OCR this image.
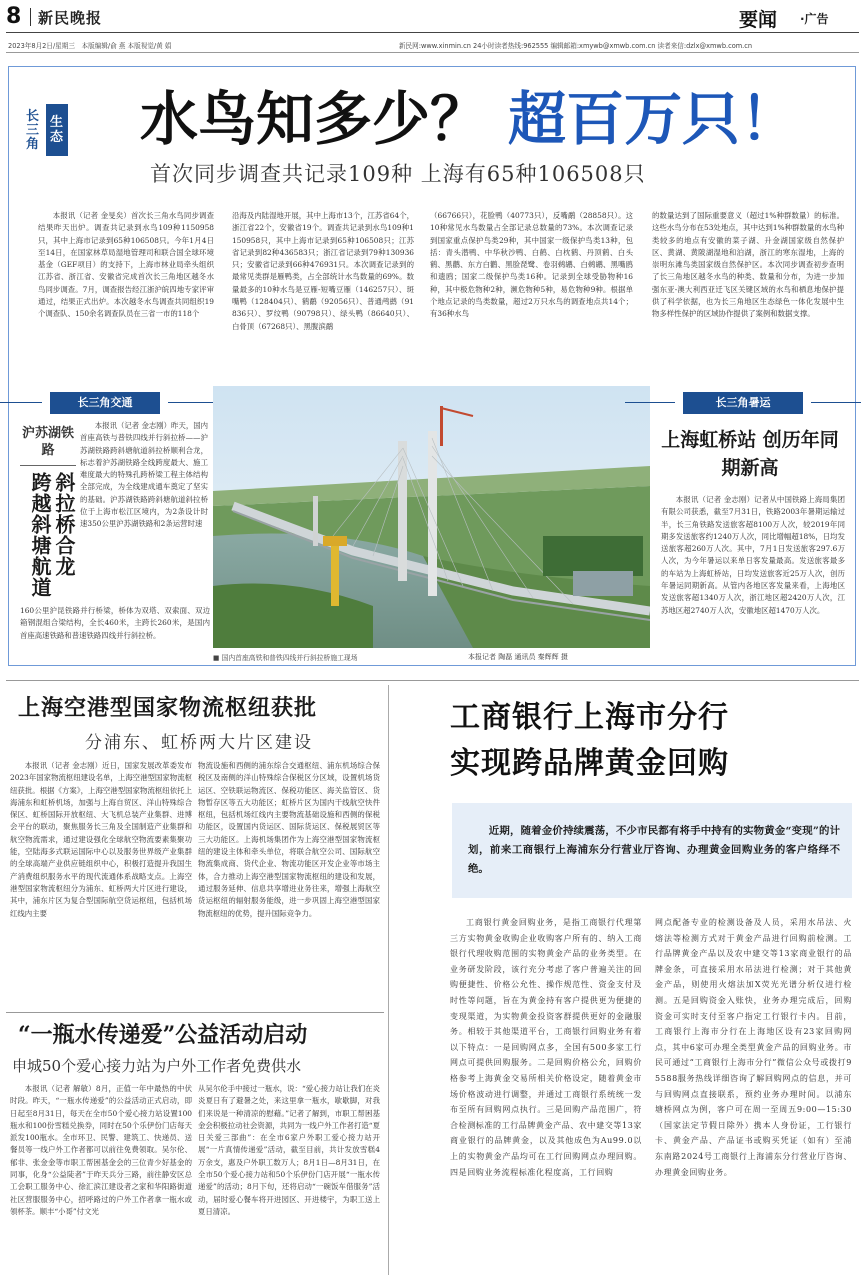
8 新民晚报	要闻 ·广告
2023年8月2日/星期三　本版编辑/俞 燕 本版视觉/黄 娟	新民网:www.xinmin.cn 24小时读者热线:962555 编辑邮箱:xmywb@xmwb.com.cn 读者来信:dzlx@xmwb.com.cn
长三角
生态 水鸟知多少？ 超百万只！
首次同步调查共记录109种 上海有65种106508只
本报讯（记者 金旻矣）首次长三角水鸟同步调查结果昨天出炉。调查共记录到水鸟109种1150958只，其中上海市记录到65种106508只。今年1月4日至14日，在国家林草局湿地管理司和联合国全球环境基金（GEF项目）的支持下，上海市林业局牵头组织江苏省、浙江省、安徽省完成首次长三角地区越冬水鸟同步调查。7月，调查报告经江浙沪皖四地专家评审通过，结果正式出炉。本次越冬水鸟调查共同组织19个调查队、150余名调查队员在三省一市的118个
沿海及内陆湿地开展，其中上海市13个，江苏省64个，浙江省22个，安徽省19个。调查共记录到水鸟109种1150958只，其中上海市记录到65种106508只；江苏省记录到82种436583只；浙江省记录到79种130936只；安徽省记录到66种476931只。本次调查记录到的最常见类群是雁鸭类，占全部统计水鸟数量的69%。数量最多的10种水鸟是豆雁-短嘴豆雁（146257只）、斑嘴鸭（128404只）、鹤鹬（92056只）、普通鸬鹚（91836只）、罗纹鸭（90798只）、绿头鸭（86640只）、白骨顶（67268只）、黑腹滨鹬
（66766只），花脸鸭（40773只），反嘴鹬（28858只）。这10种常见水鸟数量占全部记录总数量的73%。本次调查记录到国家重点保护鸟类29种，其中国家一级保护鸟类13种，包括：青头潜鸭、中华秋沙鸭、白鹤、白枕鹤、丹顶鹤、白头鹤、黑鹳、东方白鹳、黑脸琵鹭、卷羽鹈鹕、白鹈鹕、黑嘴鸥和遗鸥；国家二级保护鸟类16种。记录到全球受胁物种16种，其中极危物种2种，濒危物种5种，易危物种9种。根据单个地点记录的鸟类数量，超过2万只水鸟的调查地点共14个；有36种水鸟
的数量达到了国际重要意义（超过1%种群数量）的标准。这些水鸟分布在53处地点，其中达到1%种群数量的水鸟种类较多的地点有安徽的菜子湖、升金湖国家级自然保护区、黄湖、黄陂湖湿地和泊湖，浙江的寒东湿地，上海的崇明东滩鸟类国家级自然保护区。本次同步调查初步查明了长三角地区越冬水鸟的种类、数量和分布，为进一步加强东亚-澳大利西亚迁飞区关键区域的水鸟和栖息地保护提供了科学依据，也为长三角地区生态绿色一体化发展中生物多样性保护的区域协作提供了案例和数据支撑。
长三角交通
沪苏湖铁路
斜拉桥合龙 跨越斜塘航道
本报讯（记者 金志刚）昨天，国内首座高铁与普铁四线并行斜拉桥——沪苏湖铁路跨斜塘航道斜拉桥顺利合龙，标志着沪苏湖铁路全线跨度最大、施工难度最大的特殊孔跨桥梁工程主体结构全部完成，为全线建成通车奠定了坚实的基础。沪苏湖铁路跨斜塘航道斜拉桥位于上海市松江区境内，为2条设计时速350公里沪苏湖铁路和2条运营时速
160公里沪昆铁路并行桥梁，桥体为双塔、双索面、双边箱钢混组合梁结构，全长460米，主跨长260米，是国内首座高速铁路和普速铁路四线并行斜拉桥。
■ 国内首座高铁和普铁四线并行斜拉桥施工现场	本报记者 陶磊 通讯员 秦辉辉 摄
长三角暑运
上海虹桥站 创历年同期新高
本报讯（记者 金志刚）记者从中国铁路上海局集团有限公司获悉，截至7月31日，铁路2003年暑期运输过半，长三角铁路发送旅客超8100万人次，较2019年同期多发送旅客约1240万人次，同比增幅超18%，日均发送旅客超260万人次。其中，7月1日发送旅客297.6万人次，为今年暑运以来单日客发量最高。发送旅客最多的车站为上海虹桥站，日均发送旅客近25万人次，创历年暑运同期新高。从管内各地区客发量来看，上海地区发送旅客超1340万人次，浙江地区超2420万人次，江苏地区超2740万人次，安徽地区超1470万人次。
上海空港型国家物流枢纽获批
分浦东、虹桥两大片区建设
本报讯（记者 金志刚）近日，国家发展改革委发布2023年国家物流枢纽建设名单，上海空港型国家物流枢纽获批。根据《方案》，上海空港型国家物流枢纽依托上海浦东和虹桥机场，加强与上海自贸区、洋山特殊综合保区、虹桥国际开放枢纽、大飞机总装产业集群、进博会平台的联动，聚焦服务长三角及全国制造产业集群和航空物流需求，通过建设强化全球航空物流要素集聚功能，空陆海多式联运国际中心以及服务世界级产业集群的全球高端产业供应链组织中心，积极打造提升我国生产消费组织服务水平的现代流通体系战略支点。上海空港型国家物流枢纽分为浦东、虹桥两大片区进行建设，其中，浦东片区为复合型国际航空货运枢纽，包括机场红线内主要
物流设施和西侧的浦东综合交通枢纽、浦东机场综合保税区及南侧的洋山特殊综合保税区分区域，设置机场货运区、空铁联运物流区、保税功能区、海关监管区、货物暂存区等五大功能区；虹桥片区为国内干线航空快件枢纽，包括机场红线内主要物流基础设施和西侧的保税功能区，设置国内货运区、国际货运区、保税展贸区等三大功能区。上海机场集团作为上海空港型国家物流枢纽的建设主体和牵头单位，将联合航空公司、国际航空物流集成商、货代企业、物流功能区开发企业等市场主体，合力推动上海空港型国家物流枢纽的建设和发展，通过服务延伸、信息共享增进业务往来，增强上海航空货运枢纽的辐射服务能级，进一步巩固上海空港型国家物流枢纽的优势，提升国际竞争力。
“一瓶水传递爱”公益活动启动
申城50个爱心接力站为户外工作者免费供水
本报讯（记者 解敏）8月，正值一年中最热的中伏时段。昨天，“一瓶水传递爱”的公益活动正式启动，即日起至8月31日，每天在全市50个爱心接力站设置100瓶水和100份雪糕兑换券，同时在50个乐伊份门店每天派发100瓶水。全市环卫、民警、建筑工、快递员、送餐员等一线户外工作者都可以前往免费领取。吴尔伦、郁非、张金金等市职工帮困基金会的三位青少好基金的同事，化身“公益陡者”于昨天兵分三路，前往静安区总工会职工服务中心、徐汇滨江建设者之家和华阳路街道社区营服服务中心，招呼路过的户外工作者拿一瓶水或領杯茶。顺丰“小哥”付文光
从吴尔伦手中接过一瓶水，说：“爱心接力站让我们在炎炎夏日有了避暑之处，来这里拿一瓶水，歇歇脚，对我们来说是一种清凉的慰藉。”记者了解到，市职工帮困基金会积极拉动社会资源，共同为一线户外工作者打造“夏日关爱三部曲”：在全市6家户外职工爱心接力站开展“一片真情传递爱”活动，截至目前，共计发放雪糕4万余支，惠及户外职工数万人；8月1日—8月31日，在全市50个爱心接力站和50个乐伊份门店开展“一瓶水传递爱”的活动；8月下旬，还将启动“一碗饭车借服务”活动，届时爱心餐车将开进园区、开进楼宇，为职工送上夏日清凉。
工商银行上海市分行
实现跨品牌黄金回购
近期，随着金价持续震荡，不少市民都有将手中持有的实物黄金“变现”的计划，前来工商银行上海浦东分行营业厅咨询、办理黄金回购业务的客户络绎不绝。
工商银行黄金回购业务，是指工商银行代理第三方实物黄金收购企业收购客户所有的、纳入工商银行代理收购范围的实物黄金产品的业务类型。在业务研发阶段，该行充分考虑了客户普遍关注的回购便捷性、价格公允性、操作规范性、资金支付及时性等问题，旨在为黄金持有客户提供更为便捷的变现渠道，为实物黄金投资客群提供更好的金融服务。相较于其他渠道平台，工商银行回购业务有着以下特点：一是回购网点多，全国有500多家工行网点可提供回购服务。二是回购价格公允，回购价格参考上海黄金交易所相关价格设定，随着黄金市场价格波动进行调整，并通过工商银行系统统一发布至所有回购网点执行。三是回购产品范围广，符合检测标准的工行品牌黄金产品、农中建交等13家商业银行的品牌黄金，以及其他成色为Au99.0以上的实物黄金产品均可在工行回购网点办理回购。四是回购业务流程标准化程度高，工行回购
网点配备专业的检测设备及人员，采用水吊法、火熔法等检测方式对于黄金产品进行回购前检测。工行品牌黄金产品以及农中建交等13家商业银行的品牌金条，可直接采用水吊法进行检测；对于其他黄金产品，则使用火熔法加X荧光光谱分析仪进行检测。五是回购资金入账快，业务办理完成后，回购资金可实时支付至客户指定工行银行卡内。目前，工商银行上海市分行在上海地区设有23家回购网点，其中6家可办理全类型黄金产品的回购业务。市民可通过“工商银行上海市分行”微信公众号或拨打95588服务热线详细咨询了解回购网点的信息，并可与回购网点直接联系，预约业务办理时间。以浦东塘桥网点为例，客户可在周一至周五9:00—15:30（国家法定节假日除外）携本人身份证，工行银行卡、黄金产品、产品证书或购买凭证（如有）至浦东南路2024号工商银行上海浦东分行营业厅咨询、办理黄金回购业务。
